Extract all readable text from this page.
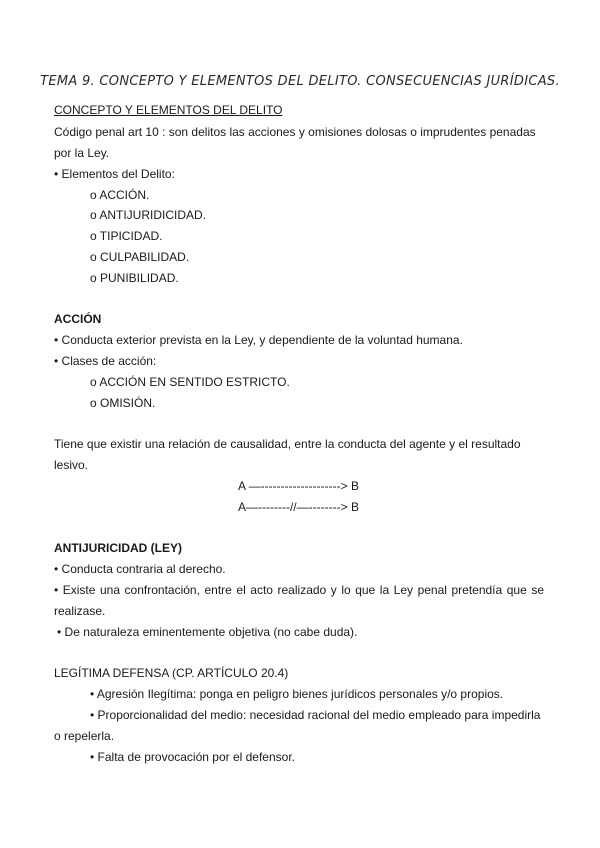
TEMA 9. CONCEPTO Y ELEMENTOS DEL DELITO. CONSECUENCIAS JURÍDICAS.
CONCEPTO Y ELEMENTOS DEL DELITO
Código penal art 10 : son delitos las acciones y omisiones dolosas o imprudentes penadas
por la Ley.
• Elementos del Delito:
o ACCIÓN.
o ANTIJURIDICIDAD.
o TIPICIDAD.
o CULPABILIDAD.
o PUNIBILIDAD.
ACCIÓN
• Conducta exterior prevista en la Ley, y dependiente de la voluntad humana.
• Clases de acción:
o ACCIÓN EN SENTIDO ESTRICTO.
o OMISIÓN.
Tiene que existir una relación de causalidad, entre la conducta del agente y el resultado
lesivo.
A —--------------------> B
A—--------//—--------> B
ANTIJURICIDAD (LEY)
• Conducta contraria al derecho.
• Existe una confrontación, entre el acto realizado y lo que la Ley penal pretendía que se
realizase.
• De naturaleza eminentemente objetiva (no cabe duda).
LEGÍTIMA DEFENSA (CP. ARTÍCULO 20.4)
• Agresión Ilegítima: ponga en peligro bienes jurídicos personales y/o propios.
• Proporcionalidad del medio: necesidad racional del medio empleado para impedirla
o repelerla.
• Falta de provocación por el defensor.
